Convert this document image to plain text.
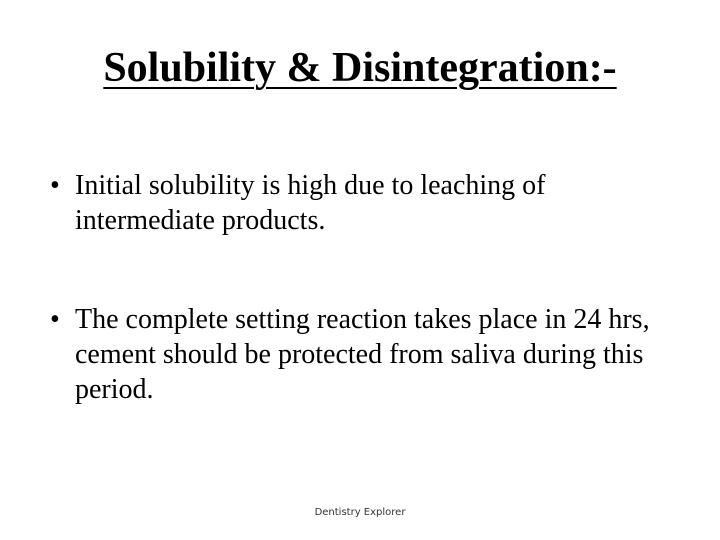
Solubility & Disintegration:-
• Initial solubility is high due to leaching of intermediate products.
• The complete setting reaction takes place in 24 hrs, cement should be protected from saliva during this period.
Dentistry Explorer
